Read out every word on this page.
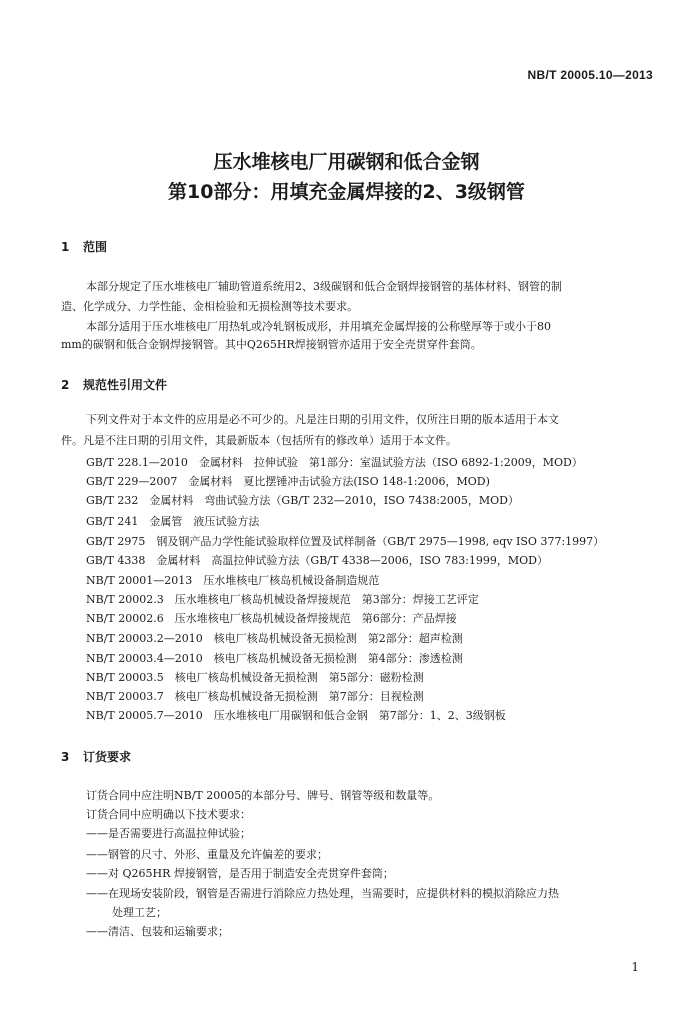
NB/T 20005.10—2013
压水堆核电厂用碳钢和低合金钢
第10部分：用填充金属焊接的2、3级钢管
1 范围
本部分规定了压水堆核电厂辅助管道系统用2、3级碳钢和低合金钢焊接钢管的基体材料、钢管的制
造、化学成分、力学性能、金相检验和无损检测等技术要求。
本部分适用于压水堆核电厂用热轧或冷轧钢板成形，并用填充金属焊接的公称壁厚等于或小于80
mm的碳钢和低合金钢焊接钢管。其中Q265HR焊接钢管亦适用于安全壳贯穿件套筒。
2 规范性引用文件
下列文件对于本文件的应用是必不可少的。凡是注日期的引用文件，仅所注日期的版本适用于本文
件。凡是不注日期的引用文件，其最新版本（包括所有的修改单）适用于本文件。
GB/T 228.1—2010　金属材料　拉伸试验　第1部分：室温试验方法（ISO 6892-1:2009，MOD）
GB/T 229—2007　金属材料　夏比摆锤冲击试验方法(ISO 148-1:2006，MOD)
GB/T 232　金属材料　弯曲试验方法（GB/T 232—2010，ISO 7438:2005，MOD）
GB/T 241　金属管　液压试验方法
GB/T 2975　钢及钢产品力学性能试验取样位置及试样制备（GB/T 2975—1998, eqv ISO 377:1997）
GB/T 4338　金属材料　高温拉伸试验方法（GB/T 4338—2006，ISO 783:1999，MOD）
NB/T 20001—2013　压水堆核电厂核岛机械设备制造规范
NB/T 20002.3　压水堆核电厂核岛机械设备焊接规范　第3部分：焊接工艺评定
NB/T 20002.6　压水堆核电厂核岛机械设备焊接规范　第6部分：产品焊接
NB/T 20003.2—2010　核电厂核岛机械设备无损检测　第2部分：超声检测
NB/T 20003.4—2010　核电厂核岛机械设备无损检测　第4部分：渗透检测
NB/T 20003.5　核电厂核岛机械设备无损检测　第5部分：磁粉检测
NB/T 20003.7　核电厂核岛机械设备无损检测　第7部分：目视检测
NB/T 20005.7—2010　压水堆核电厂用碳钢和低合金钢　第7部分：1、2、3级钢板
3 订货要求
订货合同中应注明NB/T 20005的本部分号、牌号、钢管等级和数量等。
订货合同中应明确以下技术要求：
——是否需要进行高温拉伸试验；
——钢管的尺寸、外形、重量及允许偏差的要求；
——对 Q265HR 焊接钢管，是否用于制造安全壳贯穿件套筒；
——在现场安装阶段，钢管是否需进行消除应力热处理，当需要时，应提供材料的模拟消除应力热
处理工艺；
——清洁、包装和运输要求；
1
